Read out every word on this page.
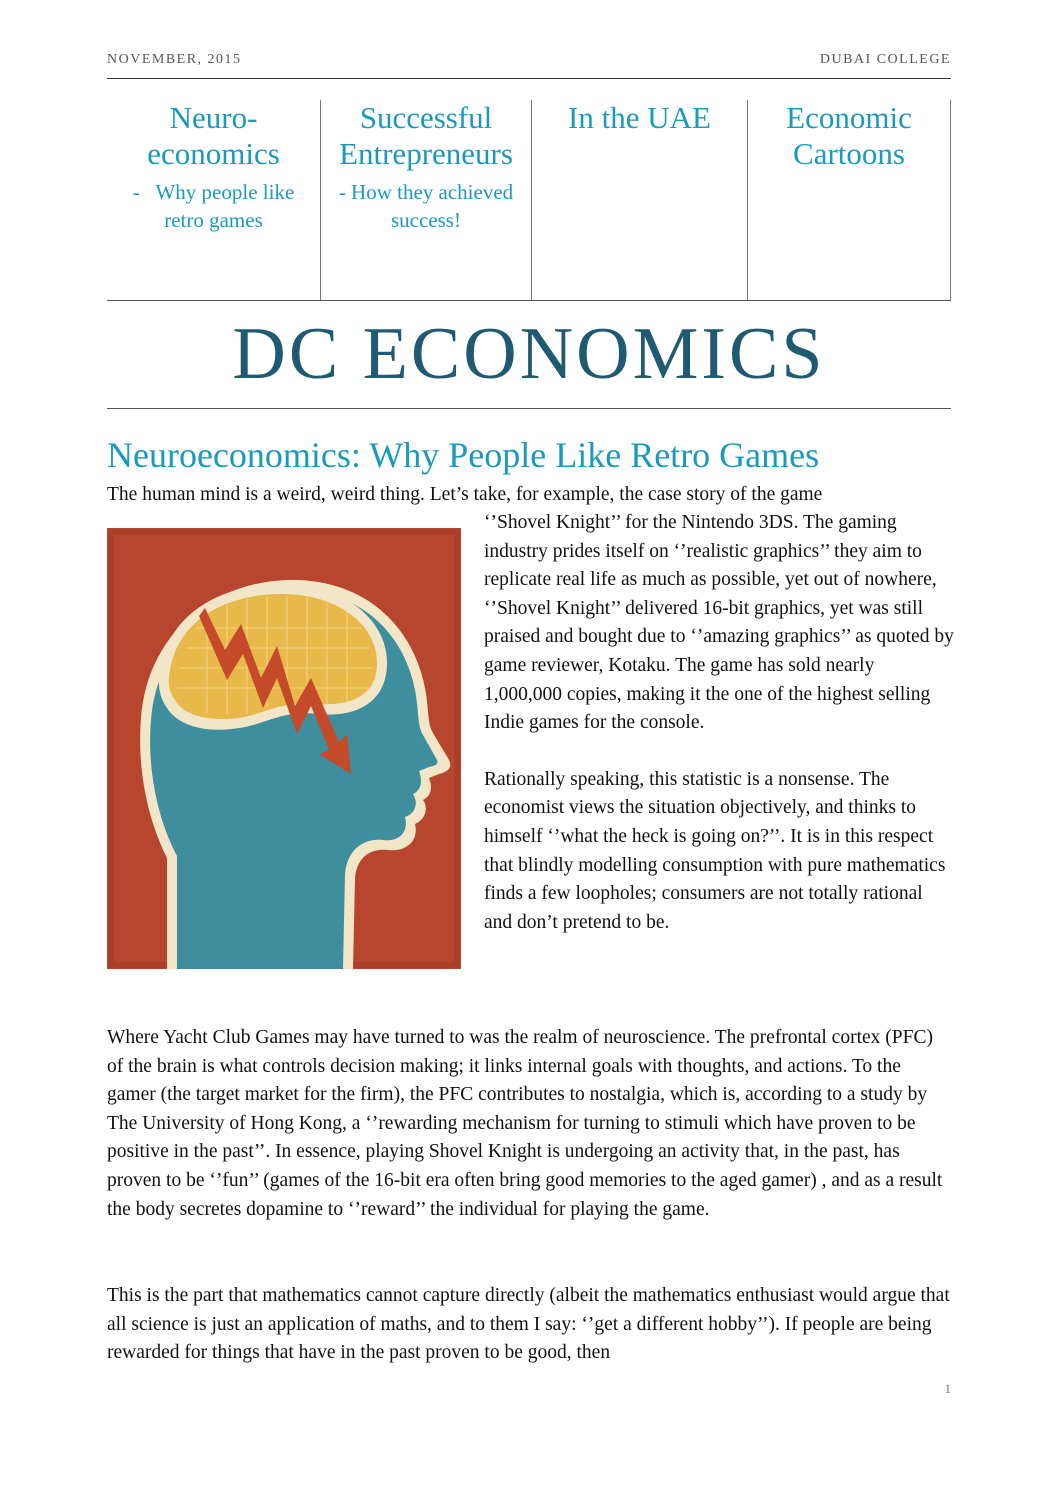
NOVEMBER, 2015	DUBAI COLLEGE
Neuro-
economics
-   Why people like
retro games
Successful
Entrepreneurs
- How they achieved
success!
In the UAE	Economic
Cartoons
DC ECONOMICS
Neuroeconomics: Why People Like Retro Games
The human mind is a weird, weird thing. Let’s take, for example, the case story of the game

‘’Shovel Knight’’ for the Nintendo 3DS. The gaming industry prides itself on ‘’realistic graphics’’ they aim to replicate real life as much as possible, yet out of nowhere, ‘’Shovel Knight’’ delivered 16-bit graphics, yet was still praised and bought due to ‘’amazing graphics’’ as quoted by game reviewer, Kotaku. The game has sold nearly 1,000,000 copies, making it the one of the highest selling Indie games for the console.

Rationally speaking, this statistic is a nonsense. The economist views the situation objectively, and thinks to himself ‘’what the heck is going on?’’. It is in this respect that blindly modelling consumption with pure mathematics finds a few loopholes; consumers are not totally rational and don’t pretend to be.

Where Yacht Club Games may have turned to was the realm of neuroscience. The prefrontal cortex (PFC) of the brain is what controls decision making; it links internal goals with thoughts, and actions. To the gamer (the target market for the firm), the PFC contributes to nostalgia, which is, according to a study by The University of Hong Kong, a ‘’rewarding mechanism for turning to stimuli which have proven to be positive in the past’’. In essence, playing Shovel Knight is undergoing an activity that, in the past, has proven to be ‘’fun’’ (games of the 16-bit era often bring good memories to the aged gamer) , and as a result the body secretes dopamine to ‘’reward’’ the individual for playing the game.
This is the part that mathematics cannot capture directly (albeit the mathematics enthusiast would argue that all science is just an application of maths, and to them I say: ‘’get a different hobby’’). If people are being rewarded for things that have in the past proven to be good, then
1
